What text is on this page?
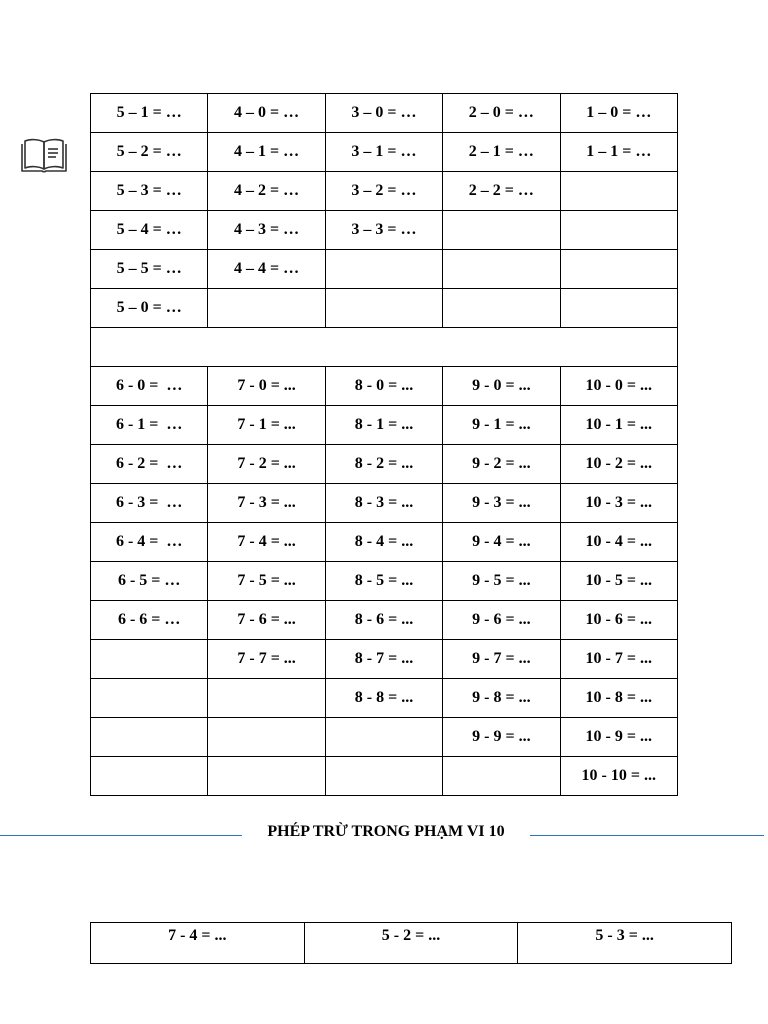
5 – 1 = …	4 – 0 = …	3 – 0 = …	2 – 0 = …	1 – 0 = …
5 – 2 = …	4 – 1 = …	3 – 1 = …	2 – 1 = …	1 – 1 = …
5 – 3 = …	4 – 2 = …	3 – 2 = …	2 – 2 = …	
5 – 4 = …	4 – 3 = …	3 – 3 = …		
5 – 5 = …	4 – 4 = …			
5 – 0 = …				

6 - 0 =  …	7 - 0 = ...	8 - 0 = ...	9 - 0 = ...	10 - 0 = ...
6 - 1 =  …	7 - 1 = ...	8 - 1 = ...	9 - 1 = ...	10 - 1 = ...
6 - 2 =  …	7 - 2 = ...	8 - 2 = ...	9 - 2 = ...	10 - 2 = ...
6 - 3 =  …	7 - 3 = ...	8 - 3 = ...	9 - 3 = ...	10 - 3 = ...
6 - 4 =  …	7 - 4 = ...	8 - 4 = ...	9 - 4 = ...	10 - 4 = ...
6 - 5 = …	7 - 5 = ...	8 - 5 = ...	9 - 5 = ...	10 - 5 = ...
6 - 6 = …	7 - 6 = ...	8 - 6 = ...	9 - 6 = ...	10 - 6 = ...
	7 - 7 = ...	8 - 7 = ...	9 - 7 = ...	10 - 7 = ...
		8 - 8 = ...	9 - 8 = ...	10 - 8 = ...
			9 - 9 = ...	10 - 9 = ...
				10 - 10 = ...
PHÉP TRỪ TRONG PHẠM VI 10
7 - 4 = ...	5 - 2 = ...	5 - 3 = ...
